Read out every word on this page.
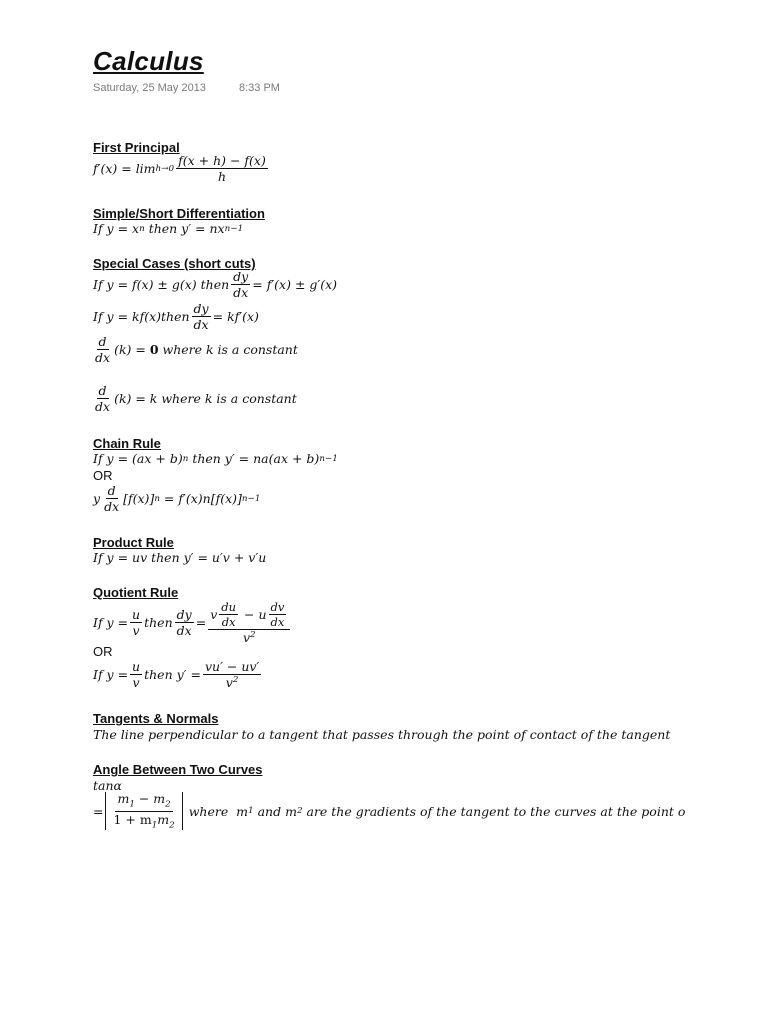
Calculus
Saturday, 25 May 2013	8:33 PM
First Principal
$f'(x) = \lim h\to 0 \frac{f(x + h) - f(x)}{h}$
Simple/Short Differentiation
If y = x n then y′ = nx n−1
Special Cases (short cuts)
If y = f(x) ± g(x) then $\frac{dy}{dx} = f'(x) \pm g'(x)$
If y = kf(x)then $\frac{dy}{dx} = kf'(x)$
$\frac{d}{dx} (k) = 0$ where k is a constant
$\frac{d}{dx} (k) = k$ where k is a constant
Chain Rule
If y = (ax + b) n then y′ = na(ax + b) n−1
OR
y $\frac{d}{dx} [f(x)] n = f'(x)n[f(x)]$ n−1
Product Rule
If y = uv then y′ = u′v + v′u
Quotient Rule
If $y = \frac{u}{v}$ then $\frac{dy}{dx} = \frac{v \frac{du}{dx} - u \frac{dv}{dx}}{v^2}$
OR
If $y = \frac{u}{v}$ then $y' = \frac{vu' - uv'}{v^2}$
Tangents & Normals
The line perpendicular to a tangent that passes through the point of contact of the tangent
Angle Between Two Curves
tanα
= $\frac{m_1 - m_2}{1 + m_1m_2}$
where  m 1 and m 2 are the gradients of the tangent to the curves at the point o
